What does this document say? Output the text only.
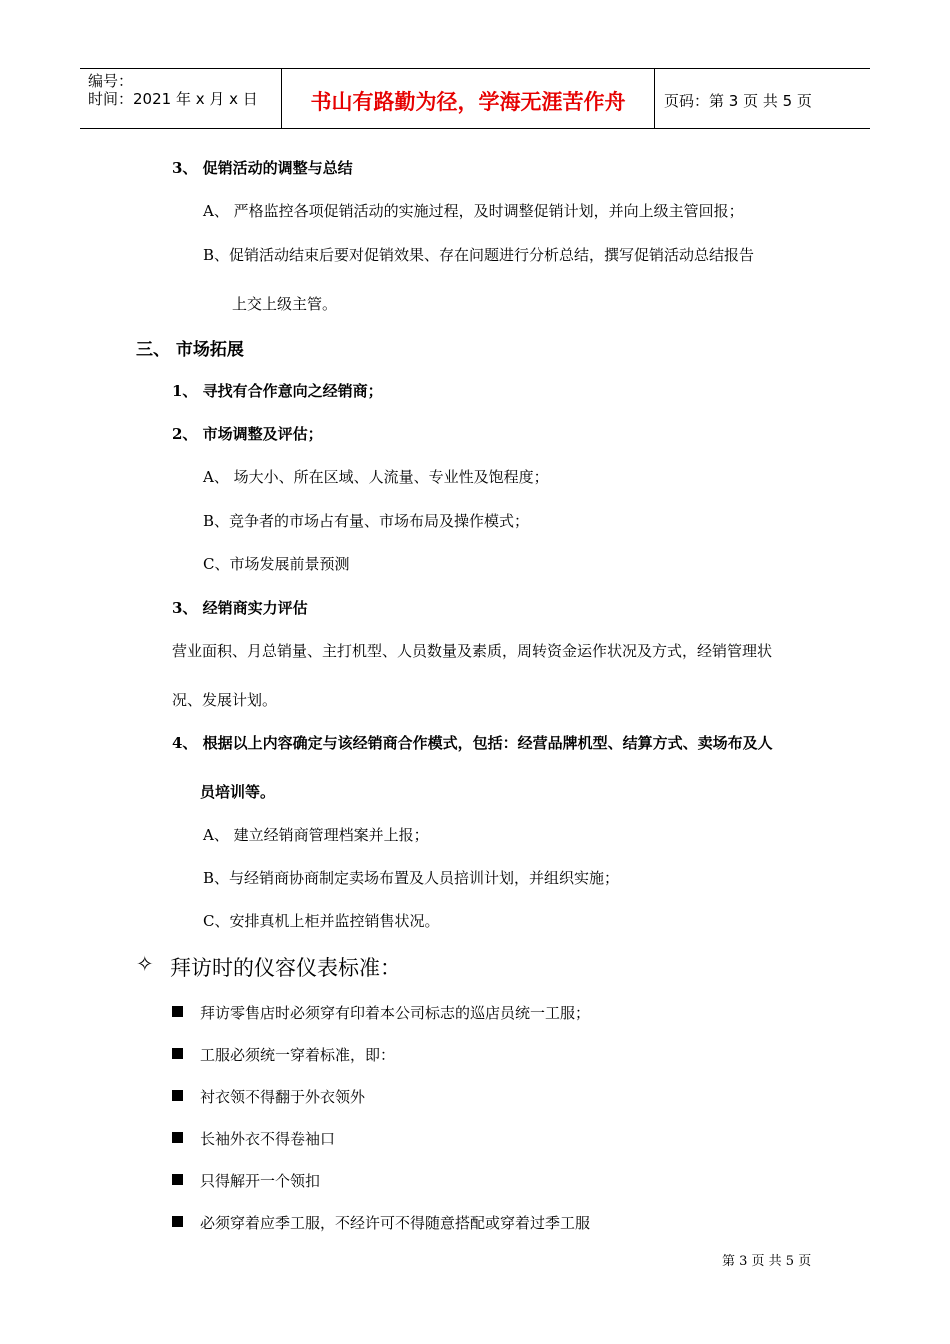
编号：
时间：2021 年 x 月 x 日	书山有路勤为径，学海无涯苦作舟	页码：第 3 页 共 5 页
3、 促销活动的调整与总结
A、 严格监控各项促销活动的实施过程，及时调整促销计划，并向上级主管回报；
B、促销活动结束后要对促销效果、存在问题进行分析总结，撰写促销活动总结报告
上交上级主管。
三、 市场拓展
1、 寻找有合作意向之经销商；
2、 市场调整及评估；
A、 场大小、所在区域、人流量、专业性及饱程度；
B、竞争者的市场占有量、市场布局及操作模式；
C、市场发展前景预测
3、 经销商实力评估
营业面积、月总销量、主打机型、人员数量及素质，周转资金运作状况及方式，经销管理状
况、发展计划。
4、 根据以上内容确定与该经销商合作模式，包括：经营品牌机型、结算方式、卖场布及人
员培训等。
A、 建立经销商管理档案并上报；
B、与经销商协商制定卖场布置及人员掊训计划，并组织实施；
C、安排真机上柜并监控销售状况。
✧ 拜访时的仪容仪表标准：
拜访零售店时必须穿有印着本公司标志的巡店员统一工服；
工服必须统一穿着标准，即：
衬衣领不得翻于外衣领外
长袖外衣不得卷袖口
只得解开一个领扣
必须穿着应季工服，不经许可不得随意搭配或穿着过季工服
第 3 页 共 5 页
